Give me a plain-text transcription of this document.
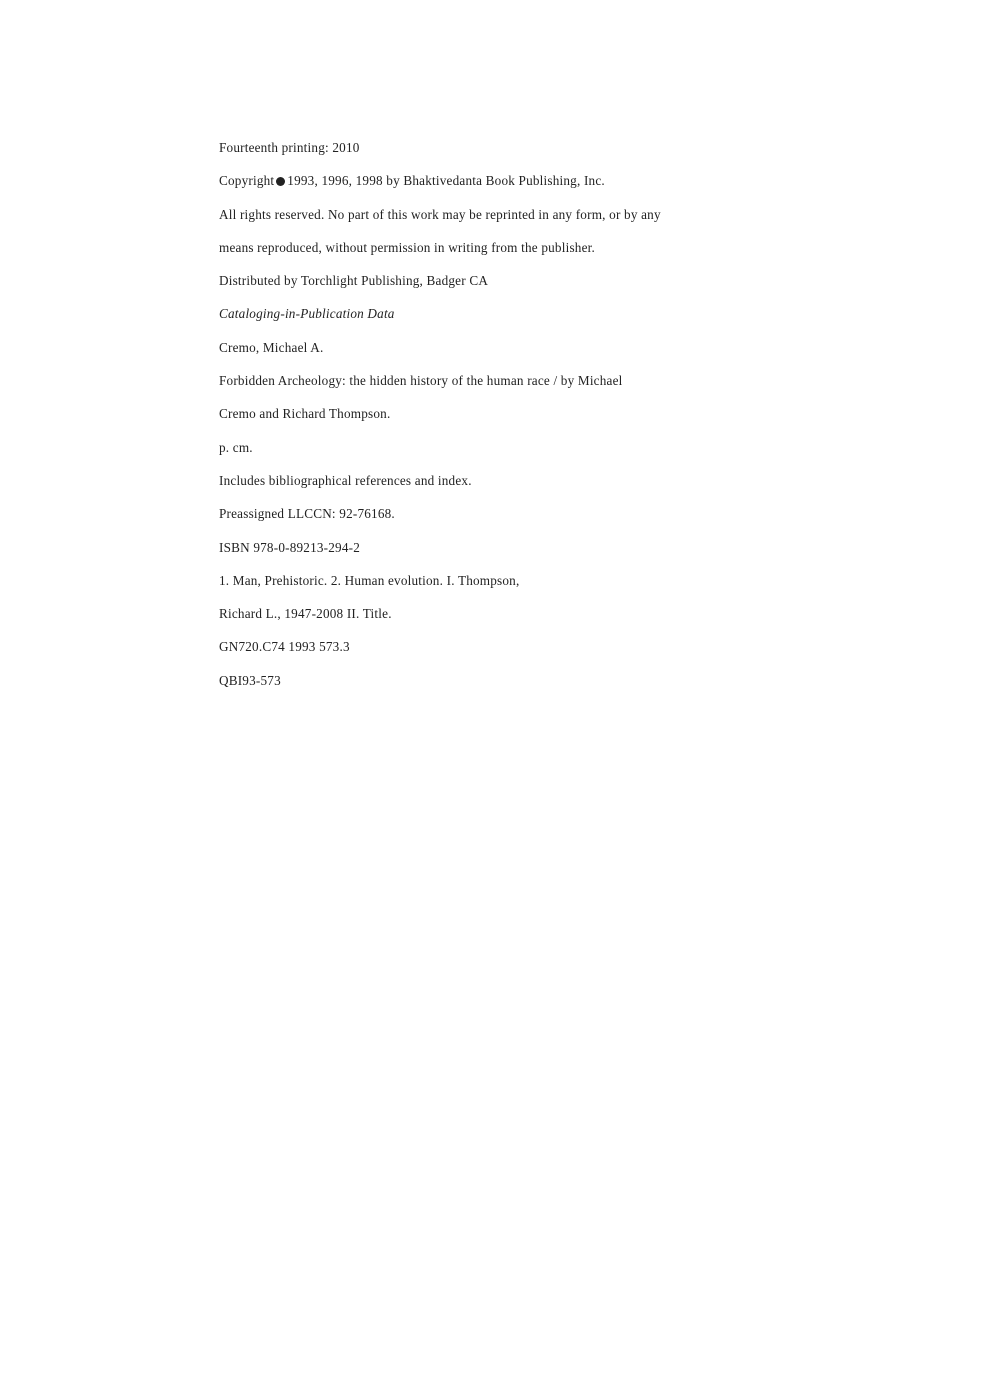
Fourteenth printing: 2010
Copyright 1993, 1996, 1998 by Bhaktivedanta Book Publishing, Inc.
All rights reserved. No part of this work may be reprinted in any form, or by any
means reproduced, without permission in writing from the publisher.
Distributed by Torchlight Publishing, Badger CA
Cataloging-in-Publication Data
Cremo, Michael A.
Forbidden Archeology: the hidden history of the human race / by Michael
Cremo and Richard Thompson.
p. cm.
Includes bibliographical references and index.
Preassigned LLCCN: 92-76168.
ISBN 978-0-89213-294-2
1. Man, Prehistoric. 2. Human evolution. I. Thompson,
Richard L., 1947-2008 II. Title.
GN720.C74 1993 573.3
QBI93-573
